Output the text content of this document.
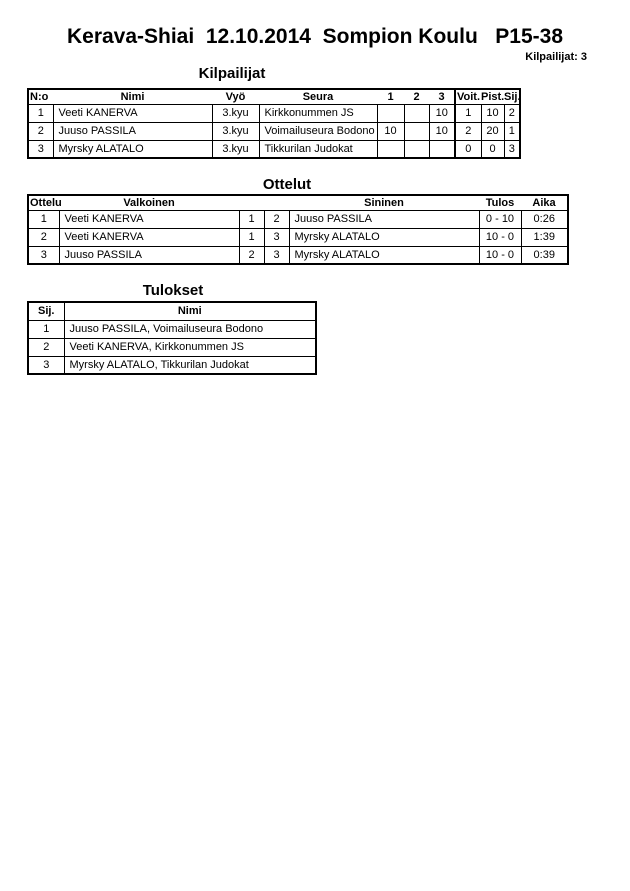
Kerava-Shiai  12.10.2014  Sompion Koulu   P15-38
Kilpailijat: 3
Kilpailijat
N:o	Nimi	Vyö	Seura	1	2	3	Voit.	Pist.	Sij.
1	Veeti KANERVA	3.kyu	Kirkkonummen JS			10	1	10	2
2	Juuso PASSILA	3.kyu	Voimailuseura Bodono	10		10	2	20	1
3	Myrsky ALATALO	3.kyu	Tikkurilan Judokat				0	0	3
Ottelut
Ottelu	Valkoinen			Sininen	Tulos	Aika
1	Veeti KANERVA	1	2	Juuso PASSILA	0 - 10	0:26
2	Veeti KANERVA	1	3	Myrsky ALATALO	10 - 0	1:39
3	Juuso PASSILA	2	3	Myrsky ALATALO	10 - 0	0:39
Tulokset
Sij.	Nimi
1	Juuso PASSILA, Voimailuseura Bodono
2	Veeti KANERVA, Kirkkonummen JS
3	Myrsky ALATALO, Tikkurilan Judokat
